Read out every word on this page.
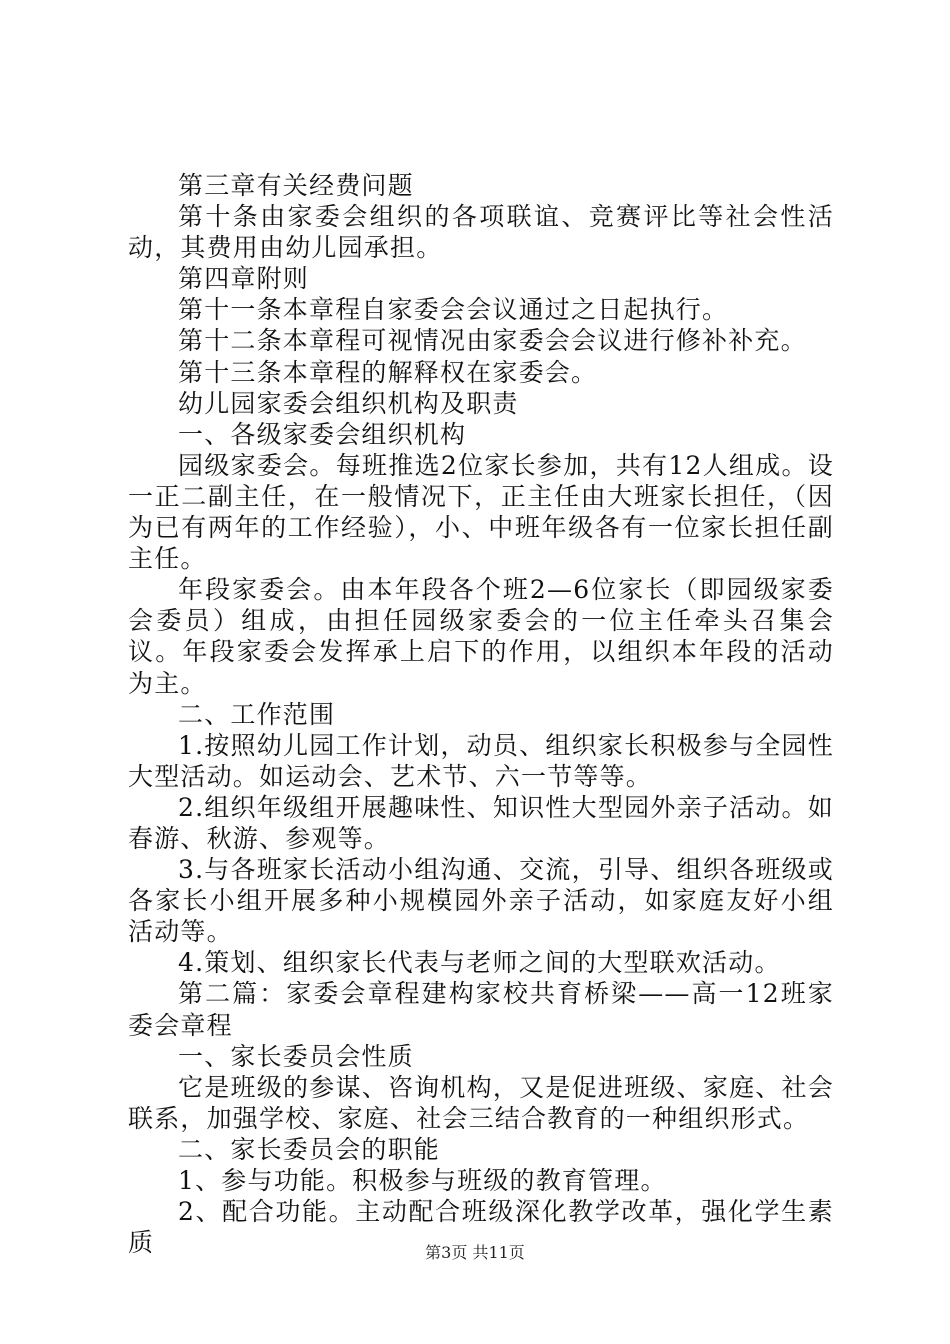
第三章有关经费问题

第十条由家委会组织的各项联谊、竞赛评比等社会性活动，其费用由幼儿园承担。

第四章附则

第十一条本章程自家委会会议通过之日起执行。

第十二条本章程可视情况由家委会会议进行修补补充。

第十三条本章程的解释权在家委会。

幼儿园家委会组织机构及职责

一、各级家委会组织机构

园级家委会。每班推选2位家长参加，共有12人组成。设一正二副主任，在一般情况下，正主任由大班家长担任，（因为已有两年的工作经验），小、中班年级各有一位家长担任副主任。

年段家委会。由本年段各个班2—6位家长（即园级家委会委员）组成，由担任园级家委会的一位主任牵头召集会议。年段家委会发挥承上启下的作用，以组织本年段的活动为主。

二、工作范围

1.按照幼儿园工作计划，动员、组织家长积极参与全园性大型活动。如运动会、艺术节、六一节等等。

2.组织年级组开展趣味性、知识性大型园外亲子活动。如春游、秋游、参观等。

3.与各班家长活动小组沟通、交流，引导、组织各班级或各家长小组开展多种小规模园外亲子活动，如家庭友好小组活动等。

4.策划、组织家长代表与老师之间的大型联欢活动。

第二篇：家委会章程建构家校共育桥梁——高一12班家委会章程

一、家长委员会性质

它是班级的参谋、咨询机构，又是促进班级、家庭、社会联系，加强学校、家庭、社会三结合教育的一种组织形式。

二、家长委员会的职能

1、参与功能。积极参与班级的教育管理。

2、配合功能。主动配合班级深化教学改革，强化学生素质	第3页 共11页
